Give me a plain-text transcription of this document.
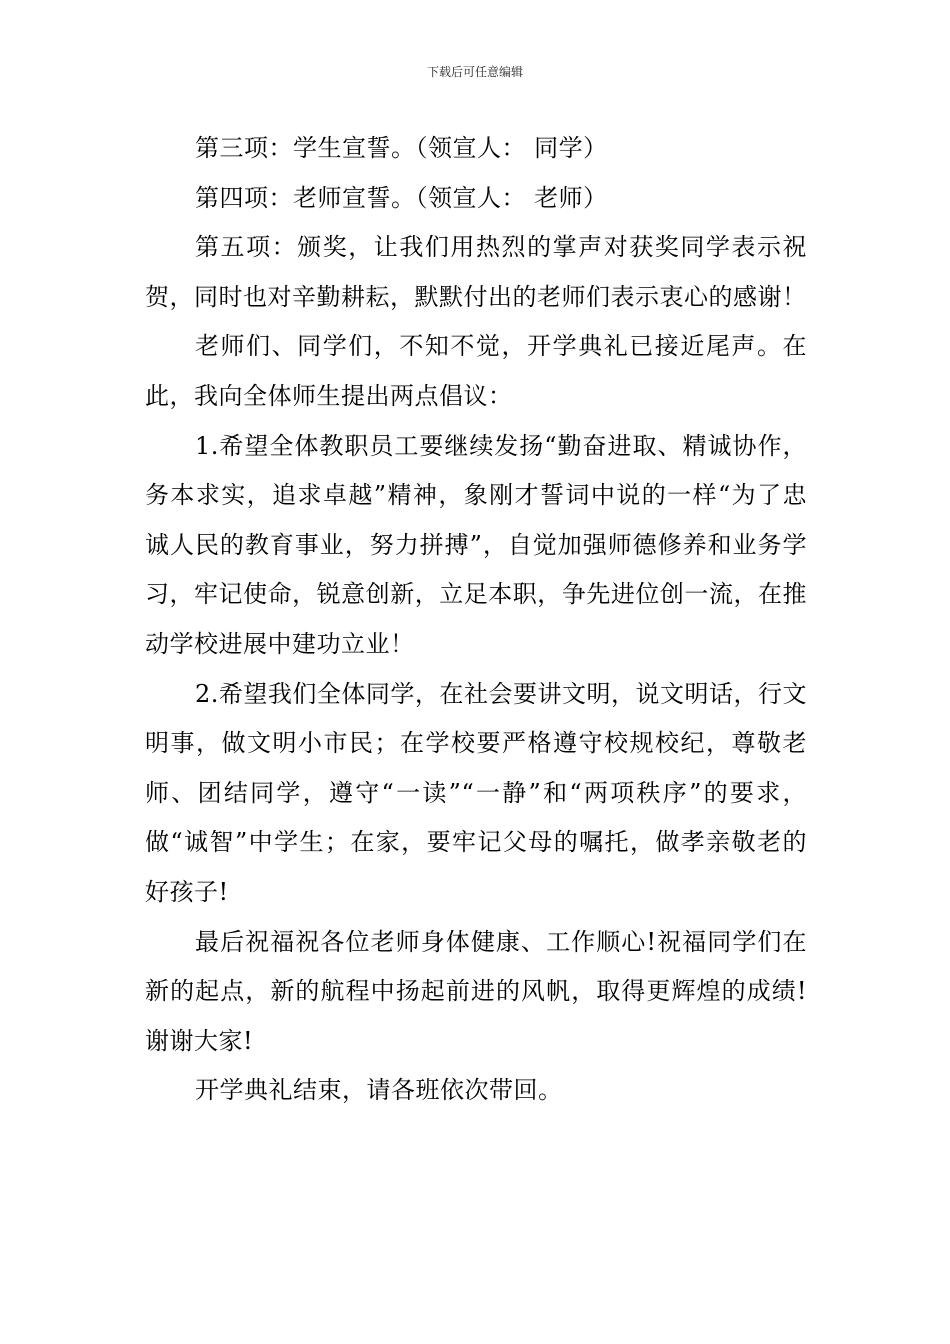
下载后可任意编辑

第三项：学生宣誓。（领宣人： 同学）

第四项：老师宣誓。（领宣人： 老师）

第五项：颁奖，让我们用热烈的掌声对获奖同学表示祝贺，同时也对辛勤耕耘，默默付出的老师们表示衷心的感谢！

老师们、同学们，不知不觉，开学典礼已接近尾声。在此，我向全体师生提出两点倡议：

1.希望全体教职员工要继续发扬“勤奋进取、精诚协作，务本求实，追求卓越”精神，象刚才誓词中说的一样“为了忠诚人民的教育事业，努力拼搏”，自觉加强师德修养和业务学习，牢记使命，锐意创新，立足本职，争先进位创一流，在推动学校进展中建功立业！

2.希望我们全体同学，在社会要讲文明，说文明话，行文明事，做文明小市民；在学校要严格遵守校规校纪，尊敬老师、团结同学，遵守“一读”“一静”和“两项秩序”的要求，做“诚智”中学生；在家，要牢记父母的嘱托，做孝亲敬老的好孩子!

最后祝福祝各位老师身体健康、工作顺心!祝福同学们在新的起点，新的航程中扬起前进的风帆，取得更辉煌的成绩!谢谢大家!

开学典礼结束，请各班依次带回。
